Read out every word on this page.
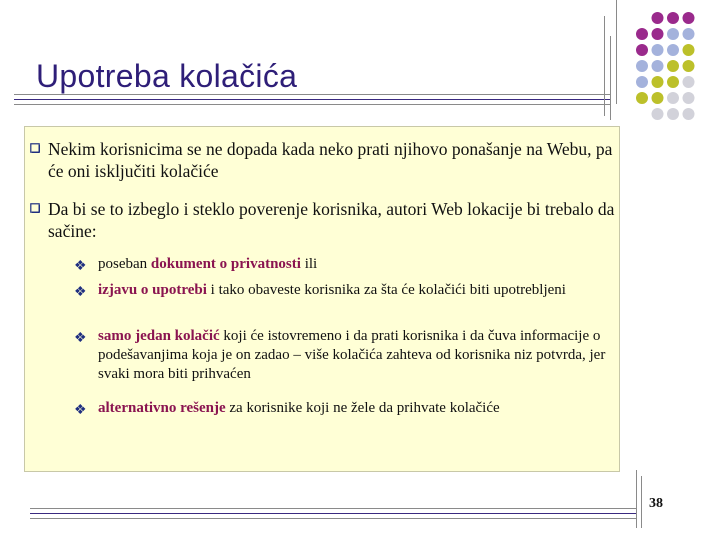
Upotreba kolačića
Nekim korisnicima se ne dopada kada neko prati njihovo ponašanje na Webu, pa će oni isključiti kolačiće
Da bi se to izbeglo i steklo poverenje korisnika, autori Web lokacije bi trebalo da sačine:
❖ poseban dokument o privatnosti ili
❖ izjavu o upotrebi i tako obaveste korisnika za šta će kolačići biti upotrebljeni
❖ samo jedan kolačić koji će istovremeno i da prati korisnika i da čuva informacije o podešavanjima koja je on zadao – više kolačića zahteva od korisnika niz potvrda, jer svaki mora biti prihvaćen
❖ alternativno rešenje za korisnike koji ne žele da prihvate kolačiće
38
